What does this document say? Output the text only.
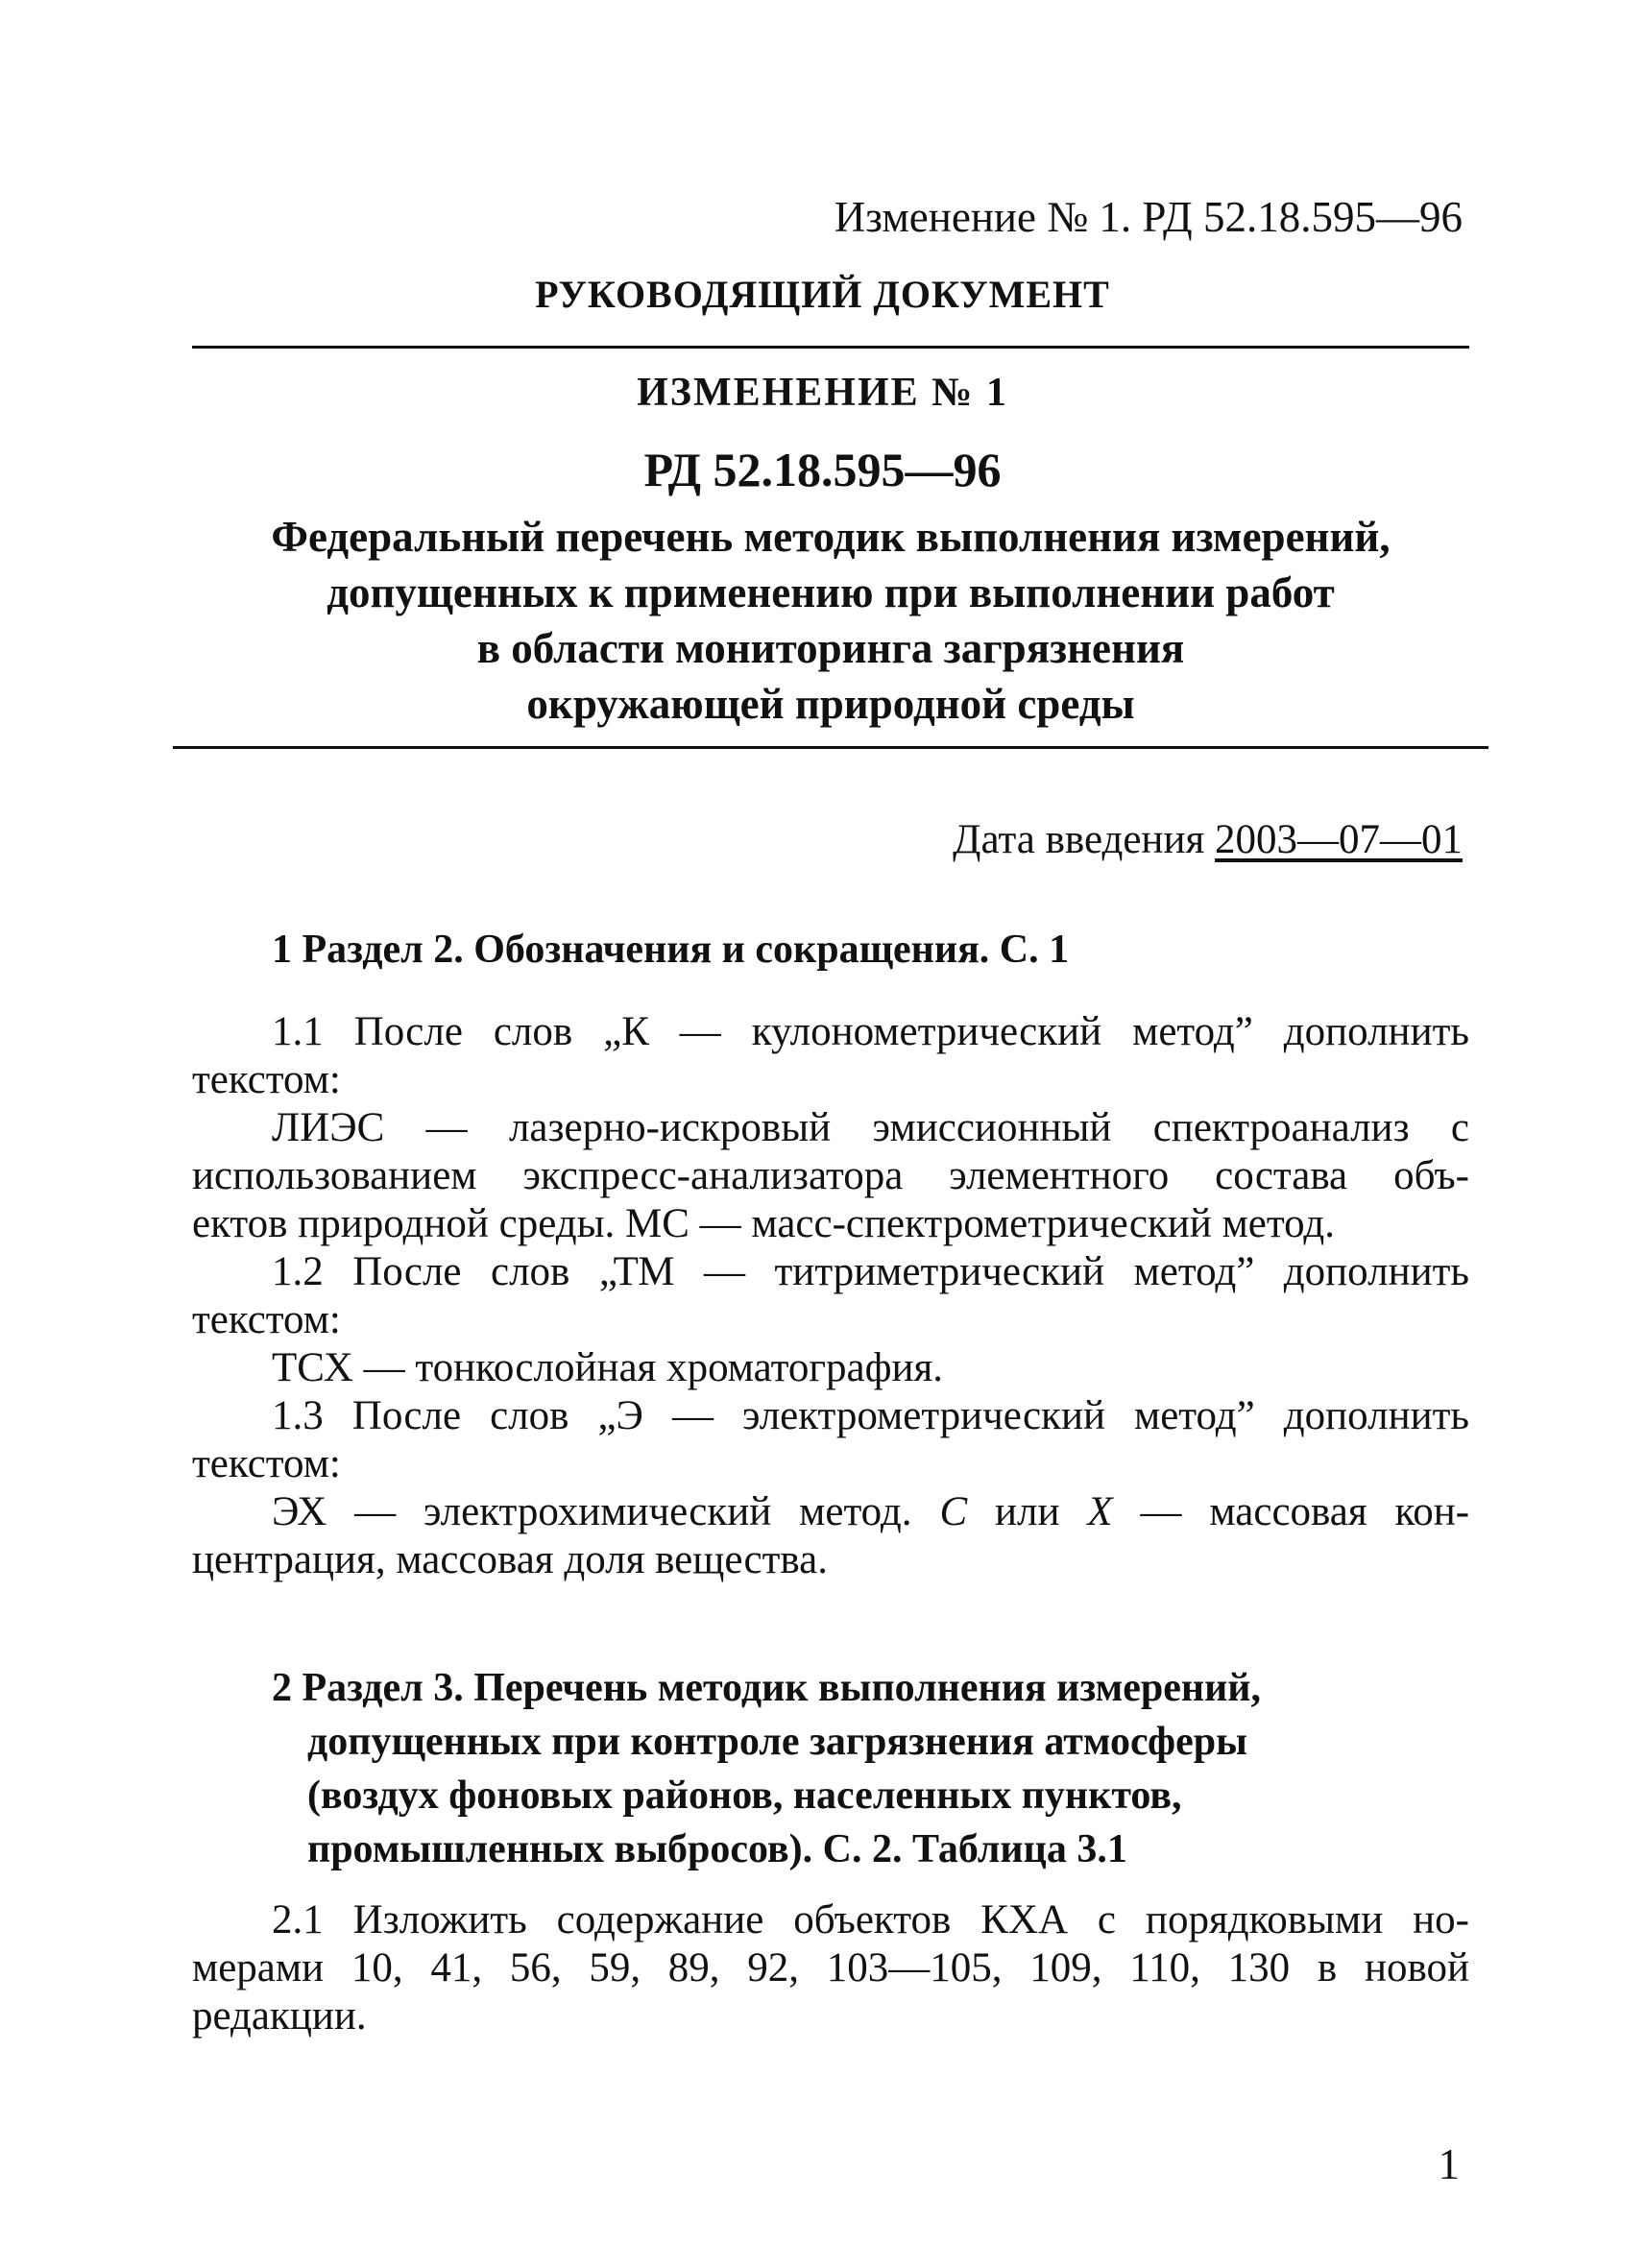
Изменение № 1. РД 52.18.595—96

РУКОВОДЯЩИЙ ДОКУМЕНТ

ИЗМЕНЕНИЕ № 1

РД 52.18.595—96

Федеральный перечень методик выполнения измерений,
допущенных к применению при выполнении работ
в области мониторинга загрязнения
окружающей природной среды

Дата введения 2003—07—01

1 Раздел 2. Обозначения и сокращения. С. 1

1.1 После слов „К — кулонометрический метод” дополнить
текстом:
ЛИЭС — лазерно-искровый эмиссионный спектроанализ с
использованием экспресс-анализатора элементного состава объ-
ектов природной среды. МС — масс-спектрометрический метод.
1.2 После слов „ТМ — титриметрический метод” дополнить
текстом:
ТСХ — тонкослойная хроматография.
1.3 После слов „Э — электрометрический метод” дополнить
текстом:
ЭХ — электрохимический метод. C или X — массовая кон-
центрация, массовая доля вещества.
2 Раздел 3. Перечень методик выполнения измерений,
допущенных при контроле загрязнения атмосферы
(воздух фоновых районов, населенных пунктов,
промышленных выбросов). С. 2. Таблица 3.1
2.1 Изложить содержание объектов КХА с порядковыми но-
мерами 10, 41, 56, 59, 89, 92, 103—105, 109, 110, 130 в новой
редакции.

1
